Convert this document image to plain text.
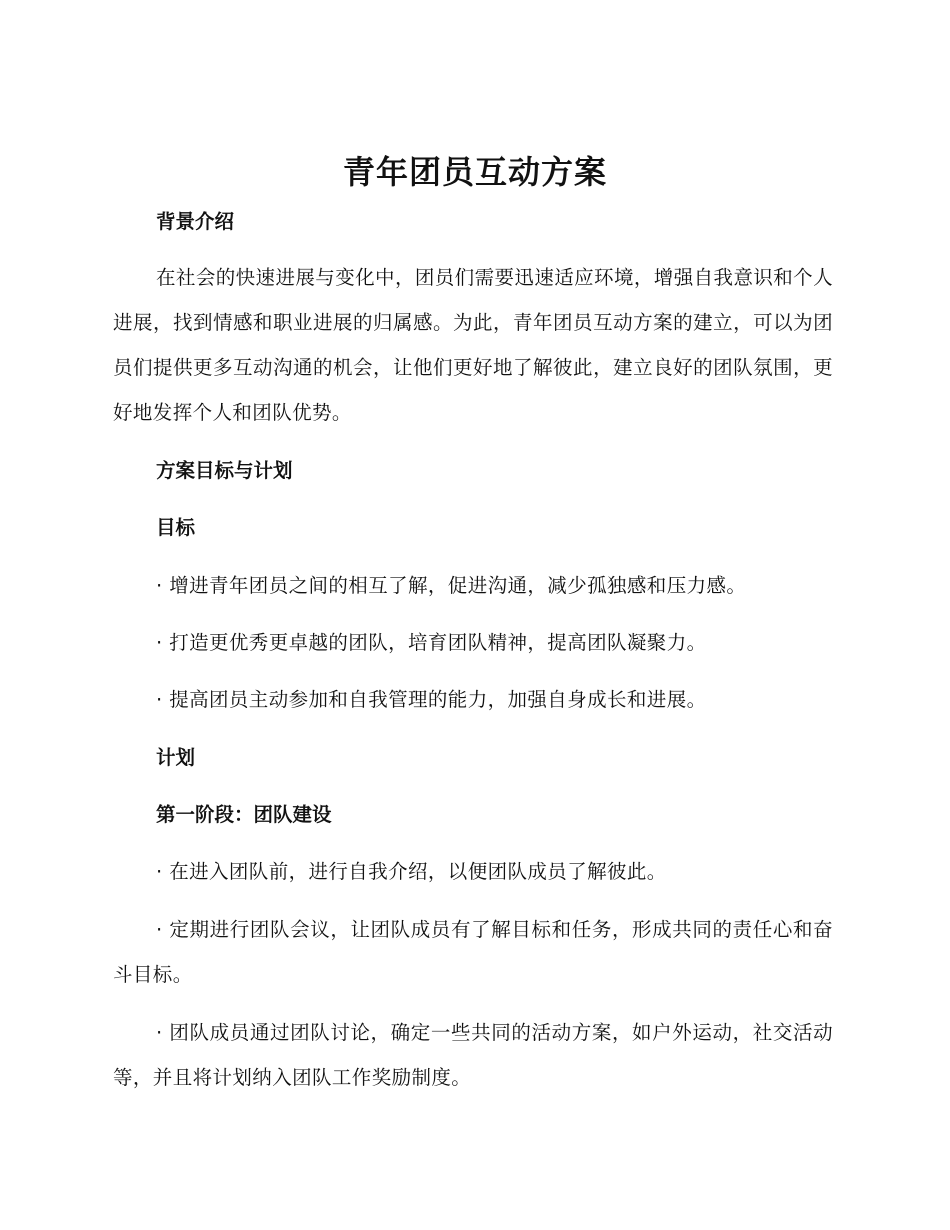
青年团员互动方案

背景介绍

在社会的快速进展与变化中，团员们需要迅速适应环境，增强自我意识和个人进展，找到情感和职业进展的归属感。为此，青年团员互动方案的建立，可以为团员们提供更多互动沟通的机会，让他们更好地了解彼此，建立良好的团队氛围，更好地发挥个人和团队优势。

方案目标与计划

目标

· 增进青年团员之间的相互了解，促进沟通，减少孤独感和压力感。

· 打造更优秀更卓越的团队，培育团队精神，提高团队凝聚力。

· 提高团员主动参加和自我管理的能力，加强自身成长和进展。

计划

第一阶段：团队建设

· 在进入团队前，进行自我介绍，以便团队成员了解彼此。

· 定期进行团队会议，让团队成员有了解目标和任务，形成共同的责任心和奋斗目标。

· 团队成员通过团队讨论，确定一些共同的活动方案，如户外运动，社交活动等，并且将计划纳入团队工作奖励制度。
